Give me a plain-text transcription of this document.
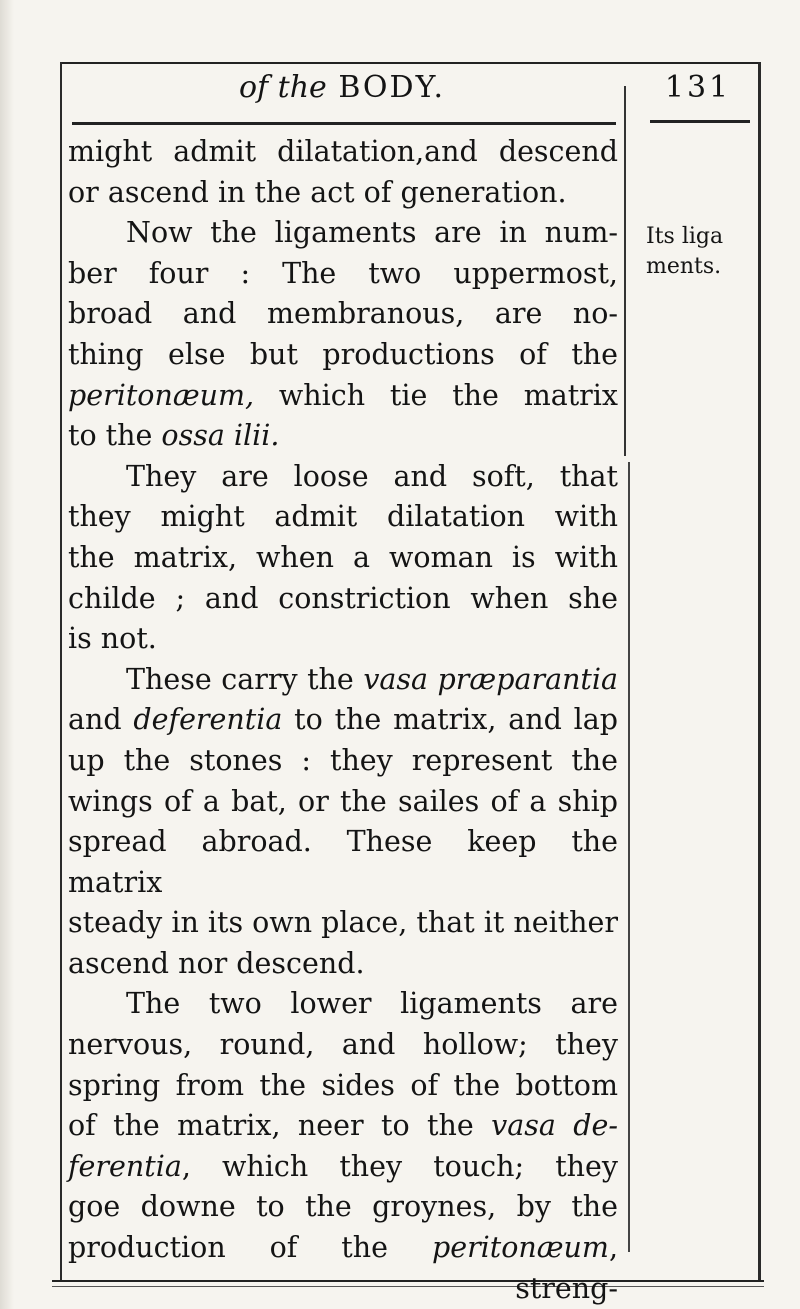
of the BODY.	131
Its liga
ments.

might admit dilatation,and descend

or ascend in the act of generation.

Now the ligaments are in num-

ber four : The two uppermost,

broad and membranous, are no-

thing else but productions of the

peritonæum, which tie the matrix

to the ossa ilii.

They are loose and soft, that

they might admit dilatation with

the matrix, when a woman is with

childe ; and constriction when she

is not.

These carry the vasa præparantia

and deferentia to the matrix, and lap

up the stones : they represent the

wings of a bat, or the sailes of a ship

spread abroad. These keep the matrix

steady in its own place, that it neither

ascend nor descend.

The two lower ligaments are

nervous, round, and hollow; they

spring from the sides of the bottom

of the matrix, neer to the vasa de-

ferentia, which they touch; they

goe downe to the groynes, by the

production of the peritonæum,

streng-
